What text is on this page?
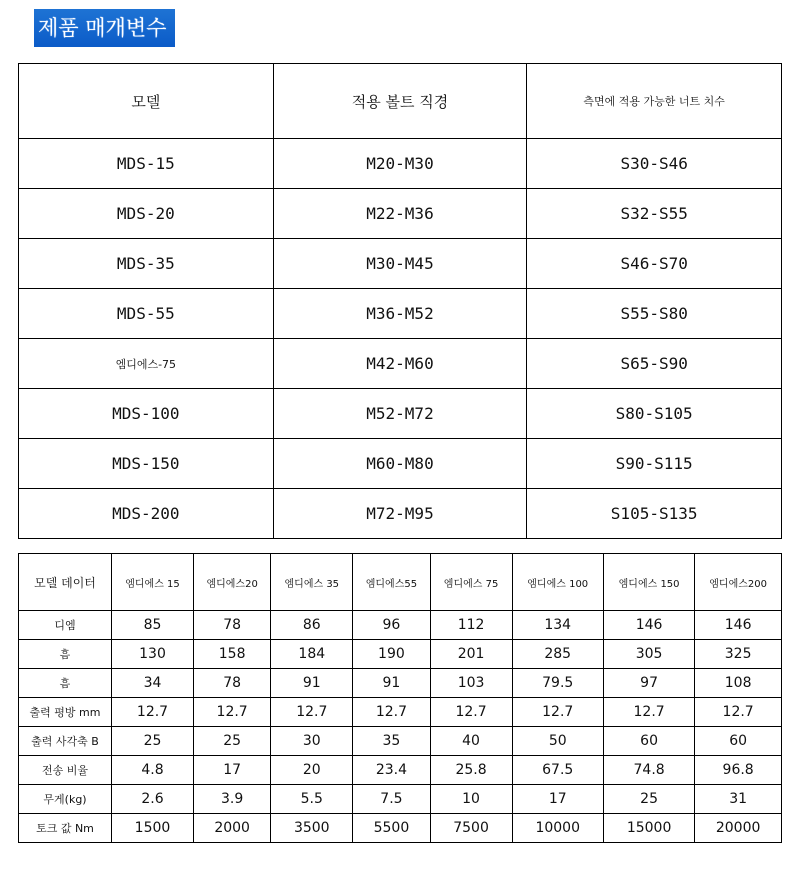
제품 매개변수
모델	적용 볼트 직경	측면에 적용 가능한 너트 치수
MDS-15	M20-M30	S30-S46
MDS-20	M22-M36	S32-S55
MDS-35	M30-M45	S46-S70
MDS-55	M36-M52	S55-S80
엠디에스-75	M42-M60	S65-S90
MDS-100	M52-M72	S80-S105
MDS-150	M60-M80	S90-S115
MDS-200	M72-M95	S105-S135
모델 데이터	엠디에스 15	엠디에스20	엠디에스 35	엠디에스55	엠디에스 75	엠디에스 100	엠디에스 150	엠디에스200
디엠	85	78	86	96	112	134	146	146
흠	130	158	184	190	201	285	305	325
흠	34	78	91	91	103	79.5	97	108
출력 평방 mm	12.7	12.7	12.7	12.7	12.7	12.7	12.7	12.7
출력 사각축 B	25	25	30	35	40	50	60	60
전송 비율	4.8	17	20	23.4	25.8	67.5	74.8	96.8
무게(kg)	2.6	3.9	5.5	7.5	10	17	25	31
토크 값 Nm	1500	2000	3500	5500	7500	10000	15000	20000
